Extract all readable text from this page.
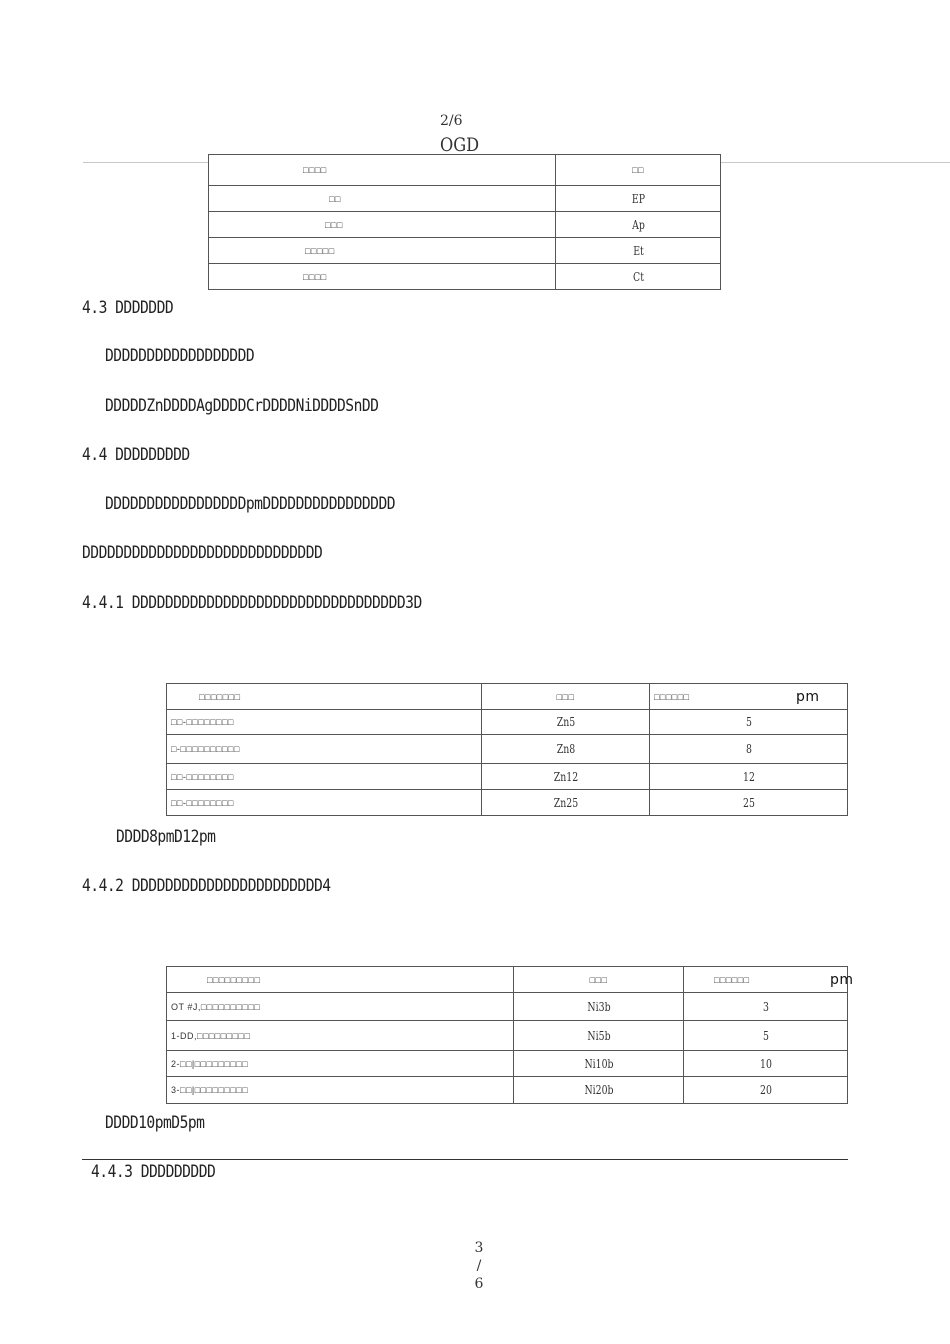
2/6
OGD
□□□□	□□
□□	EP
□□□	Ap
□□□□□	Et
□□□□	Ct
4.3 DDDDDDD
DDDDDDDDDDDDDDDDDD
DDDDDZnDDDDAgDDDDCrDDDDNiDDDDSnDD
4.4 DDDDDDDDD
DDDDDDDDDDDDDDDDDpmDDDDDDDDDDDDDDDD
DDDDDDDDDDDDDDDDDDDDDDDDDDDDD
4.4.1 DDDDDDDDDDDDDDDDDDDDDDDDDDDDDDDDD3D
□□□□□□□	□□□	□□□□□□ pm

□□-□□□□□□□□	Zn5	5
□-□□□□□□□□□□	Zn8	8
□□-□□□□□□□□	Zn12	12
□□-□□□□□□□□	Zn25	25
DDDD8pmD12pm
4.4.2 DDDDDDDDDDDDDDDDDDDDDDD4
□□□□□□□□□	□□□	□□□□□□ pm

OT #J,□□□□□□□□□□	Ni3b	3
1-DD,□□□□□□□□□	Ni5b	5
2-□□|□□□□□□□□□	Ni10b	10
3-□□|□□□□□□□□□	Ni20b	20
DDDD10pmD5pm
4.4.3 DDDDDDDDD
3
/
6
